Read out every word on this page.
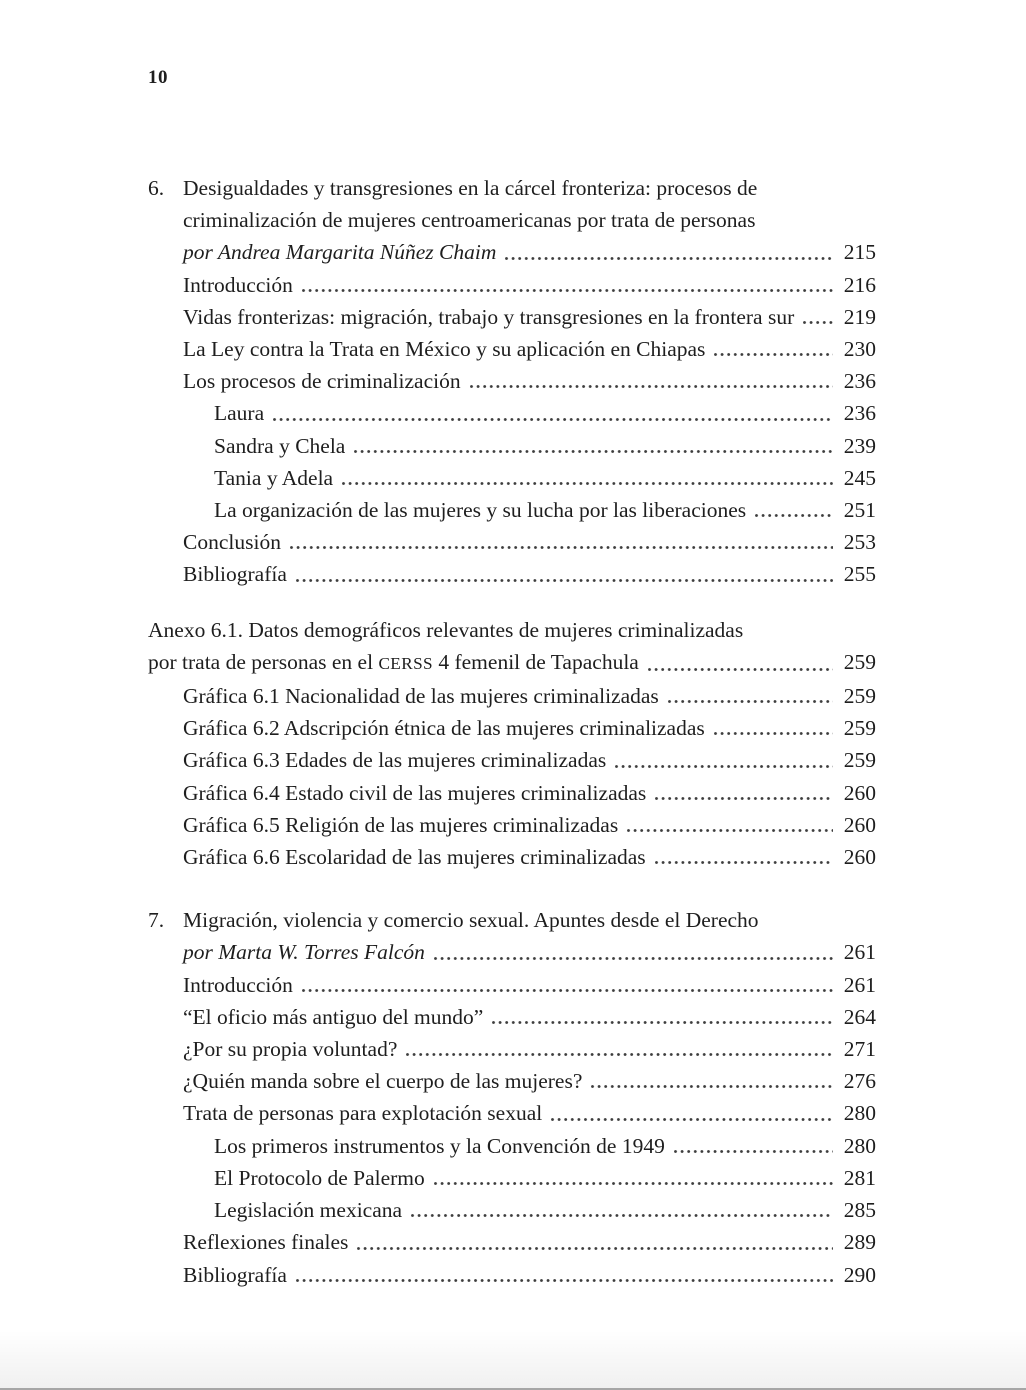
10
6. Desigualdades y transgresiones en la cárcel fronteriza: procesos de
criminalización de mujeres centroamericanas por trata de personas
por Andrea Margarita Núñez Chaim	215
Introducción	216
Vidas fronterizas: migración, trabajo y transgresiones en la frontera sur 219
La Ley contra la Trata en México y su aplicación en Chiapas	230
Los procesos de criminalización	236
Laura	236
Sandra y Chela	239
Tania y Adela	245
La organización de las mujeres y su lucha por las liberaciones	251
Conclusión	253
Bibliografía	255
Anexo 6.1. Datos demográficos relevantes de mujeres criminalizadas
por trata de personas en el CERSS 4 femenil de Tapachula	259
Gráfica 6.1 Nacionalidad de las mujeres criminalizadas	259
Gráfica 6.2 Adscripción étnica de las mujeres criminalizadas	259
Gráfica 6.3 Edades de las mujeres criminalizadas	259
Gráfica 6.4 Estado civil de las mujeres criminalizadas	260
Gráfica 6.5 Religión de las mujeres criminalizadas	260
Gráfica 6.6 Escolaridad de las mujeres criminalizadas	260
7. Migración, violencia y comercio sexual. Apuntes desde el Derecho
por Marta W. Torres Falcón	261
Introducción	261
“El oficio más antiguo del mundo”	264
¿Por su propia voluntad?	271
¿Quién manda sobre el cuerpo de las mujeres?	276
Trata de personas para explotación sexual	280
Los primeros instrumentos y la Convención de 1949	280
El Protocolo de Palermo	281
Legislación mexicana	285
Reflexiones finales	289
Bibliografía	290
